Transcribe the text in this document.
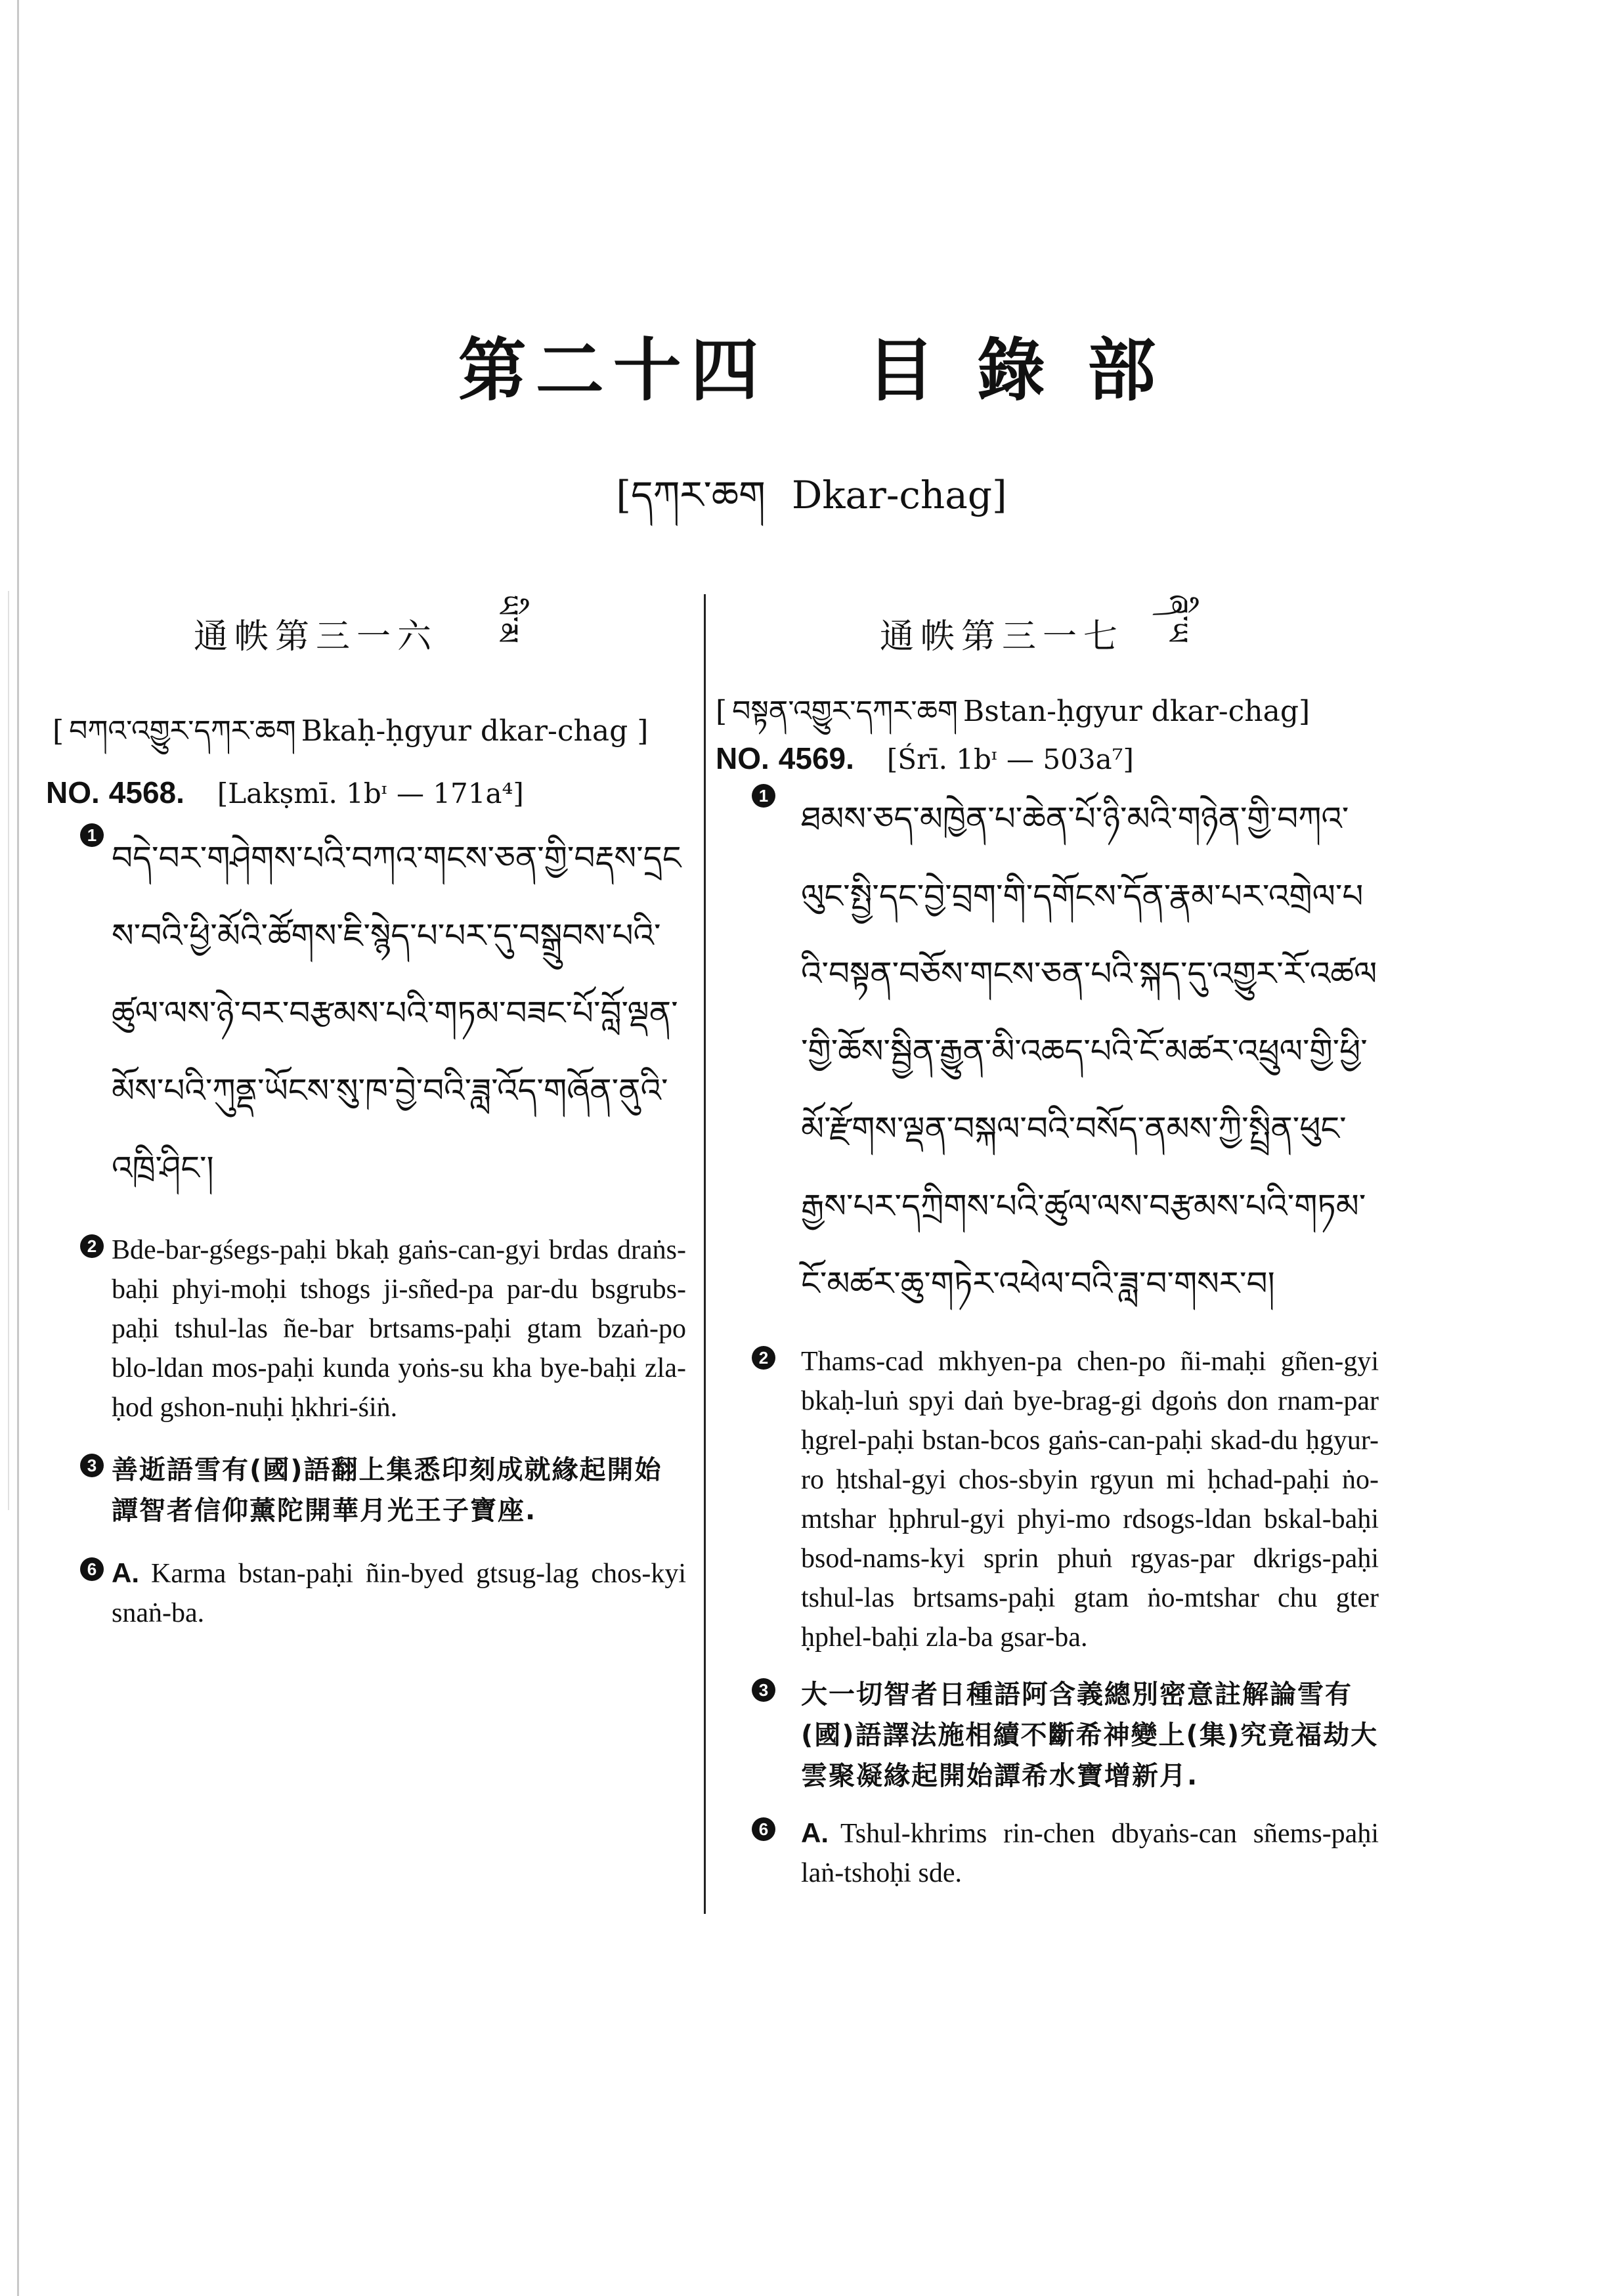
第二十四 目 錄 部
[དཀར་ཆག Dkar-chag]
通帙第三一六 ཡི་མ
[ བཀའ་འགྱུར་དཀར་ཆག Bkaḥ-ḥgyur dkar-chag ]
NO. 4568. [Lakṣmī. 1bᶦ — 171a⁴]
1
བདེ་བར་གཤེགས་པའི་བཀའ་གངས་ཅན་གྱི་བརྡས་དྲངས་བའི་ཕྱི་མོའི་ཚོགས་ཇི་སྙེད་པ་པར་དུ་བསྒྲུབས་པའི་ཚུལ་ལས་ཉེ་བར་བརྩམས་པའི་གཏམ་བཟང་པོ་བློ་ལྡན་མོས་པའི་ཀུནྡ་ཡོངས་སུ་ཁ་བྱེ་བའི་ཟླ་འོད་གཞོན་ནུའི་འཁྲི་ཤིང་།
2 Bde-bar-gśegs-paḥi bkaḥ gaṅs-can-gyi brdas draṅs-baḥi phyi-moḥi tshogs ji-sñed-pa par-du bsgrubs-paḥi tshul-las ñe-bar brtsams-paḥi gtam bzaṅ-po blo-ldan mos-paḥi kunda yoṅs-su kha bye-baḥi zla-ḥod gshon-nuḥi ḥkhri-śiṅ.
3 善逝語雪有(國)語翻上集悉印刻成就緣起開始譚智者信仰薰陀開華月光王子寶座.
6 A. Karma bstan-paḥi ñin-byed gtsug-lag chos-kyi snaṅ-ba.
通帙第三一七 ཞི་ཡ
[ བསྟན་འགྱུར་དཀར་ཆག Bstan-ḥgyur dkar-chag]
NO. 4569. [Śrī. 1bᶦ — 503a⁷]
1
ཐམས་ཅད་མཁྱེན་པ་ཆེན་པོ་ཉི་མའི་གཉེན་གྱི་བཀའ་ལུང་སྤྱི་དང་བྱེ་བྲག་གི་དགོངས་དོན་རྣམ་པར་འགྲེལ་པའི་བསྟན་བཅོས་གངས་ཅན་པའི་སྐད་དུ་འགྱུར་རོ་འཚལ་གྱི་ཆོས་སྦྱིན་རྒྱུན་མི་འཆད་པའི་ངོ་མཚར་འཕྲུལ་གྱི་ཕྱི་མོ་རྫོགས་ལྡན་བསྐལ་བའི་བསོད་ནམས་ཀྱི་སྤྲིན་ཕུང་རྒྱས་པར་དཀྲིགས་པའི་ཚུལ་ལས་བརྩམས་པའི་གཏམ་ངོ་མཚར་ཆུ་གཏེར་འཕེལ་བའི་ཟླ་བ་གསར་བ།
2 Thams-cad mkhyen-pa chen-po ñi-maḥi gñen-gyi bkaḥ-luṅ spyi daṅ bye-brag-gi dgoṅs don rnam-par ḥgrel-paḥi bstan-bcos gaṅs-can-paḥi skad-du ḥgyur-ro ḥtshal-gyi chos-sbyin rgyun mi ḥchad-paḥi ṅo-mtshar ḥphrul-gyi phyi-mo rdsogs-ldan bskal-baḥi bsod-nams-kyi sprin phuṅ rgyas-par dkrigs-paḥi tshul-las brtsams-paḥi gtam ṅo-mtshar chu gter ḥphel-baḥi zla-ba gsar-ba.
3 大一切智者日種語阿含義總別密意註解論雪有(國)語譯法施相續不斷希神變上(集)究竟福劫大雲聚凝緣起開始譚希水寶增新月.
6 A. Tshul-khrims rin-chen dbyaṅs-can sñems-paḥi laṅ-tshoḥi sde.
